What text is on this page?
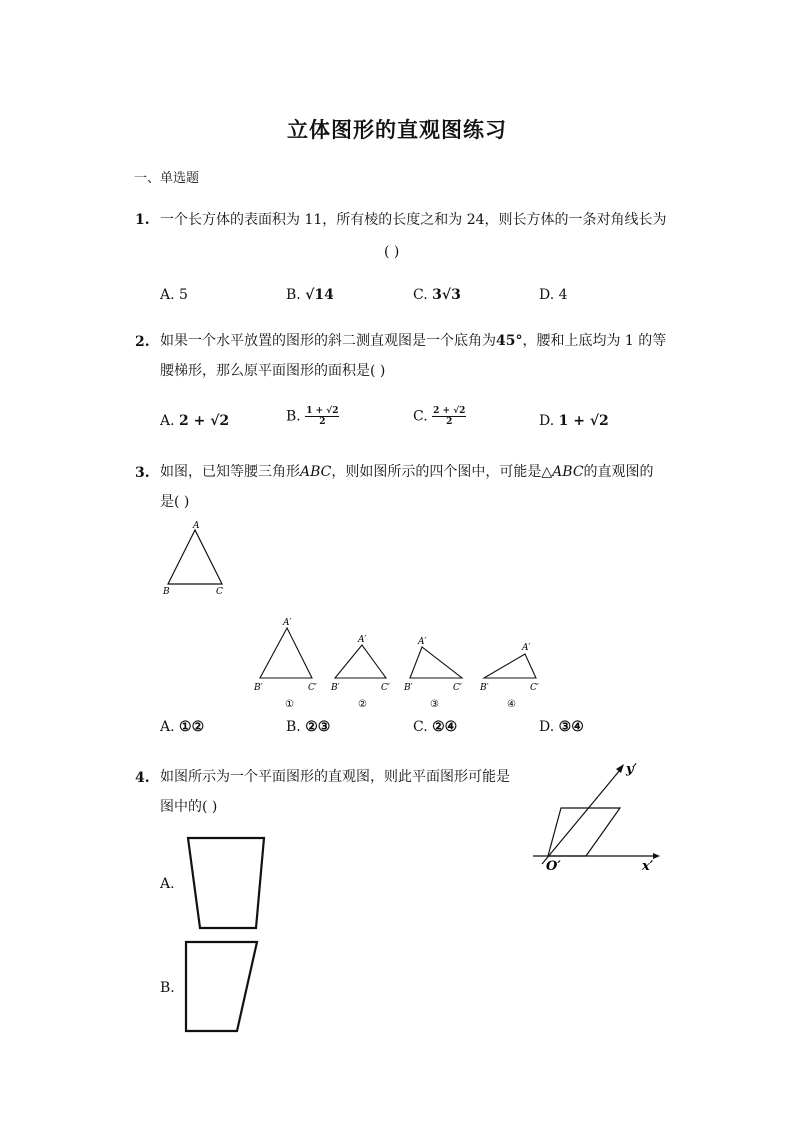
立体图形的直观图练习
一、单选题
1. 一个长方体的表面积为 11，所有棱的长度之和为 24，则长方体的一条对角线长为
( )
A. 5	B. √14	C. 3√3	D. 4
2. 如果一个水平放置的图形的斜二测直观图是一个底角为45°，腰和上底均为 1 的等
腰梯形，那么原平面图形的面积是( )
A. 2 + √2	B. $\frac{1 + √2}{2}$	C. $\frac{2 + √2}{2}$	D. 1 + √2
3. 如图，已知等腰三角形ABC，则如图所示的四个图中，可能是△ABC的直观图的
是( )
A
B	C
A′
B′	C′
①
A′
B′	C′
②
A′
B′	C′
③
A′
B′	C′
④
A. ①②	B. ②③	C. ②④	D. ③④
4. 如图所示为一个平面图形的直观图，则此平面图形可能是
图中的( )
y′
x′
O′
A.
B.
